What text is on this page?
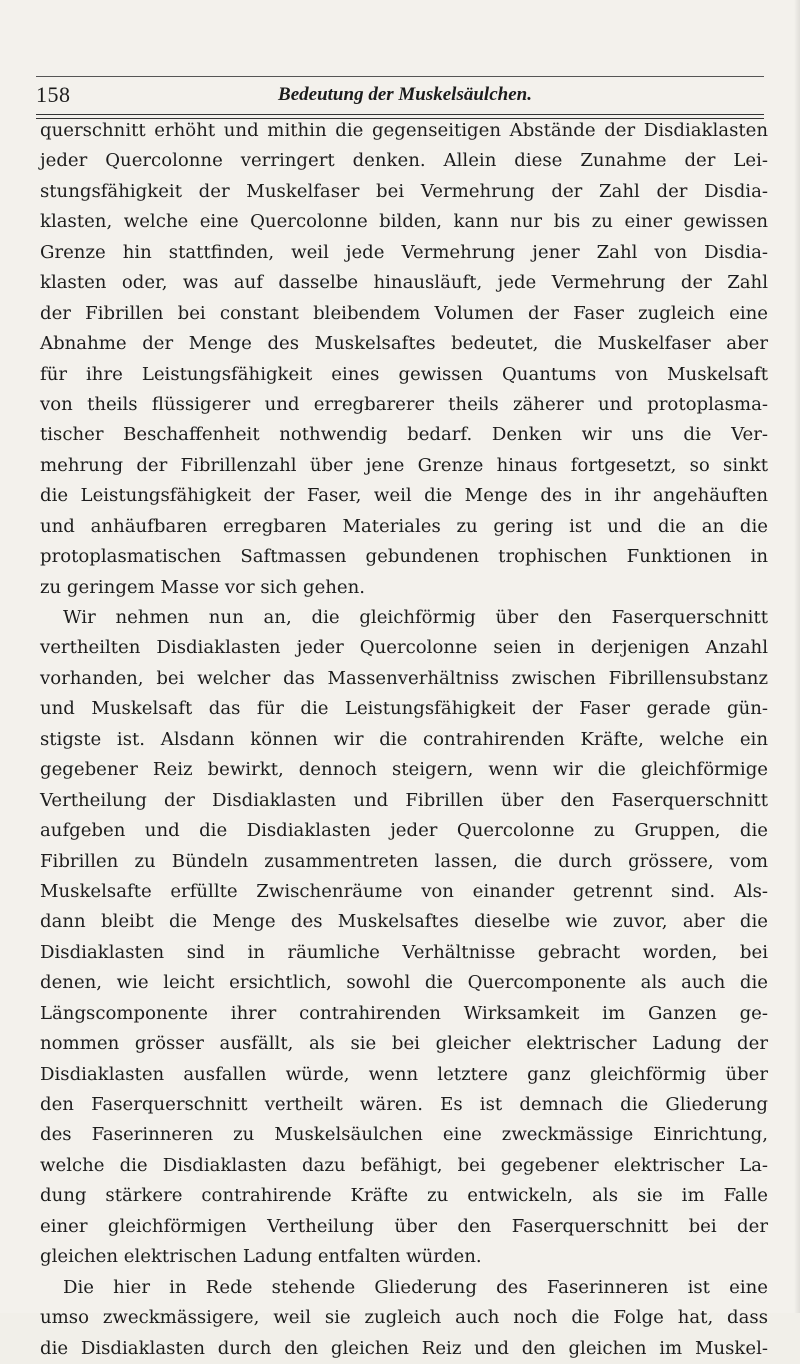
158	Bedeutung der Muskelsäulchen.
querschnitt erhöht und mithin die gegenseitigen Abstände der Disdiaklasten
jeder Quercolonne verringert denken. Allein diese Zunahme der Lei-
stungsfähigkeit der Muskelfaser bei Vermehrung der Zahl der Disdia-
klasten, welche eine Quercolonne bilden, kann nur bis zu einer gewissen
Grenze hin stattfinden, weil jede Vermehrung jener Zahl von Disdia-
klasten oder, was auf dasselbe hinausläuft, jede Vermehrung der Zahl
der Fibrillen bei constant bleibendem Volumen der Faser zugleich eine
Abnahme der Menge des Muskelsaftes bedeutet, die Muskelfaser aber
für ihre Leistungsfähigkeit eines gewissen Quantums von Muskelsaft
von theils flüssigerer und erregbarerer theils zäherer und protoplasma-
tischer Beschaffenheit nothwendig bedarf. Denken wir uns die Ver-
mehrung der Fibrillenzahl über jene Grenze hinaus fortgesetzt, so sinkt
die Leistungsfähigkeit der Faser, weil die Menge des in ihr angehäuften
und anhäufbaren erregbaren Materiales zu gering ist und die an die
protoplasmatischen Saftmassen gebundenen trophischen Funktionen in
zu geringem Masse vor sich gehen.
Wir nehmen nun an, die gleichförmig über den Faserquerschnitt
vertheilten Disdiaklasten jeder Quercolonne seien in derjenigen Anzahl
vorhanden, bei welcher das Massenverhältniss zwischen Fibrillensubstanz
und Muskelsaft das für die Leistungsfähigkeit der Faser gerade gün-
stigste ist. Alsdann können wir die contrahirenden Kräfte, welche ein
gegebener Reiz bewirkt, dennoch steigern, wenn wir die gleichförmige
Vertheilung der Disdiaklasten und Fibrillen über den Faserquerschnitt
aufgeben und die Disdiaklasten jeder Quercolonne zu Gruppen, die
Fibrillen zu Bündeln zusammentreten lassen, die durch grössere, vom
Muskelsafte erfüllte Zwischenräume von einander getrennt sind. Als-
dann bleibt die Menge des Muskelsaftes dieselbe wie zuvor, aber die
Disdiaklasten sind in räumliche Verhältnisse gebracht worden, bei
denen, wie leicht ersichtlich, sowohl die Quercomponente als auch die
Längscomponente ihrer contrahirenden Wirksamkeit im Ganzen ge-
nommen grösser ausfällt, als sie bei gleicher elektrischer Ladung der
Disdiaklasten ausfallen würde, wenn letztere ganz gleichförmig über
den Faserquerschnitt vertheilt wären. Es ist demnach die Gliederung
des Faserinneren zu Muskelsäulchen eine zweckmässige Einrichtung,
welche die Disdiaklasten dazu befähigt, bei gegebener elektrischer La-
dung stärkere contrahirende Kräfte zu entwickeln, als sie im Falle
einer gleichförmigen Vertheilung über den Faserquerschnitt bei der
gleichen elektrischen Ladung entfalten würden.
Die hier in Rede stehende Gliederung des Faserinneren ist eine
umso zweckmässigere, weil sie zugleich auch noch die Folge hat, dass
die Disdiaklasten durch den gleichen Reiz und den gleichen im Muskel-
